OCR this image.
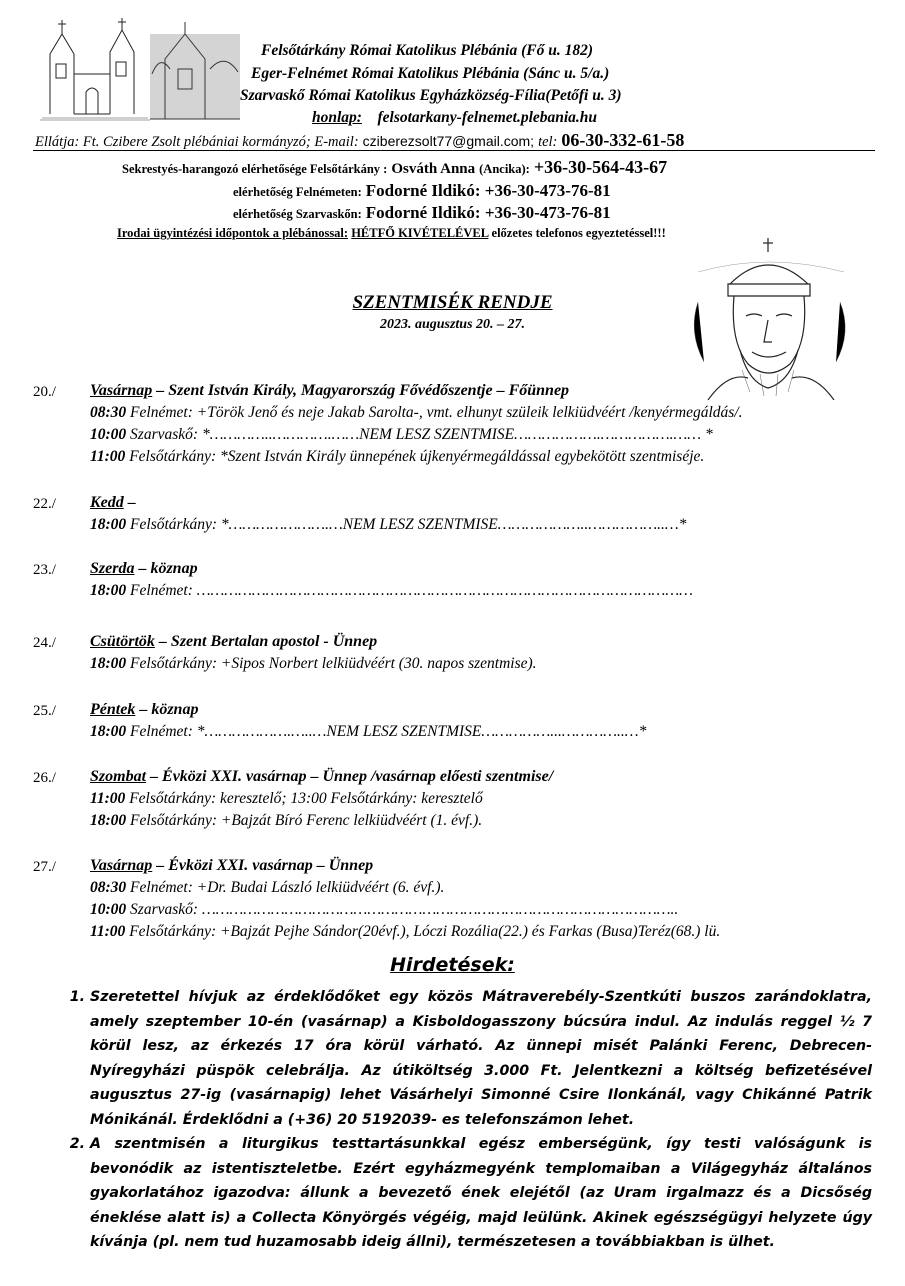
Felsőtárkány Római Katolikus Plébánia (Fő u. 182)
Eger-Felnémet Római Katolikus Plébánia (Sánc u. 5/a.)
Szarvaskő Római Katolikus Egyházközség-Fília(Petőfi u. 3)
honlap: felsotarkany-felnemet.plebania.hu
Ellátja: Ft. Czibere Zsolt plébániai kormányzó; E-mail: cziberezsolt77@gmail.com; tel: 06-30-332-61-58
Sekrestyés-harangozó elérhetősége Felsőtárkány : Osváth Anna (Ancika): +36-30-564-43-67
elérhetőség Felnémeten: Fodorné Ildikó: +36-30-473-76-81
elérhetőség Szarvaskőn: Fodorné Ildikó: +36-30-473-76-81
Irodai ügyintézési időpontok a plébánossal: HÉTFŐ KIVÉTELÉVEL előzetes telefonos egyeztetéssel!!!
SZENTMISÉK RENDJE
2023. augusztus 20. – 27.
20./ Vasárnap – Szent István Király, Magyarország Fővédőszentje – Főünnep
08:30 Felnémet: +Török Jenő és neje Jakab Sarolta-, vmt. elhunyt szüleik lelkiüdvéért /kenyérmegáldás/.
10:00 Szarvaskő: *…………..………….……NEM LESZ SZENTMISE……………….…………….…… *
11:00 Felsőtárkány: *Szent István Király ünnepének újkenyérmegáldással egybekötött szentmiséje.
22./ Kedd –
18:00 Felsőtárkány: *………………….…NEM LESZ SZENTMISE………………..……………..…*
23./ Szerda – köznap
18:00 Felnémet: ………………………………………………………………………………………………
24./ Csütörtök – Szent Bertalan apostol - Ünnep
18:00 Felsőtárkány: +Sipos Norbert lelkiüdvéért (30. napos szentmise).
25./ Péntek – köznap
18:00 Felnémet: *……………….…..…NEM LESZ SZENTMISE……………...…………..…*
26./ Szombat – Évközi XXI. vasárnap – Ünnep /vasárnap előesti szentmise/
11:00 Felsőtárkány: keresztelő; 13:00 Felsőtárkány: keresztelő
18:00 Felsőtárkány: +Bajzát Bíró Ferenc lelkiüdvéért (1. évf.).
27./ Vasárnap – Évközi XXI. vasárnap – Ünnep
08:30 Felnémet: +Dr. Budai László lelkiüdvéért (6. évf.).
10:00 Szarvaskő: …………………………………………………………………………………………..
11:00 Felsőtárkány: +Bajzát Pejhe Sándor(20évf.), Lóczi Rozália(22.) és Farkas (Busa)Teréz(68.) lü.
Hirdetések:
1. Szeretettel hívjuk az érdeklődőket egy közös Mátraverebély-Szentkúti buszos zarándoklatra, amely szeptember 10-én (vasárnap) a Kisboldogasszony búcsúra indul. Az indulás reggel ½ 7 körül lesz, az érkezés 17 óra körül várható. Az ünnepi misét Palánki Ferenc, Debrecen-Nyíregyházi püspök celebrálja. Az útiköltség 3.000 Ft. Jelentkezni a költség befizetésével augusztus 27-ig (vasárnapig) lehet Vásárhelyi Simonné Csire Ilonkánál, vagy Chikánné Patrik Mónikánál. Érdeklődni a (+36) 20 5192039- es telefonszámon lehet.
2. A szentmisén a liturgikus testtartásunkkal egész emberségünk, így testi valóságunk is bevonódik az istentiszteletbe. Ezért egyházmegyénk templomaiban a Világegyház általános gyakorlatához igazodva: állunk a bevezető ének elejétől (az Uram irgalmazz és a Dicsőség éneklése alatt is) a Collecta Könyörgés végéig, majd leülünk. Akinek egészségügyi helyzete úgy kívánja (pl. nem tud huzamosabb ideig állni), természetesen a továbbiakban is ülhet.
